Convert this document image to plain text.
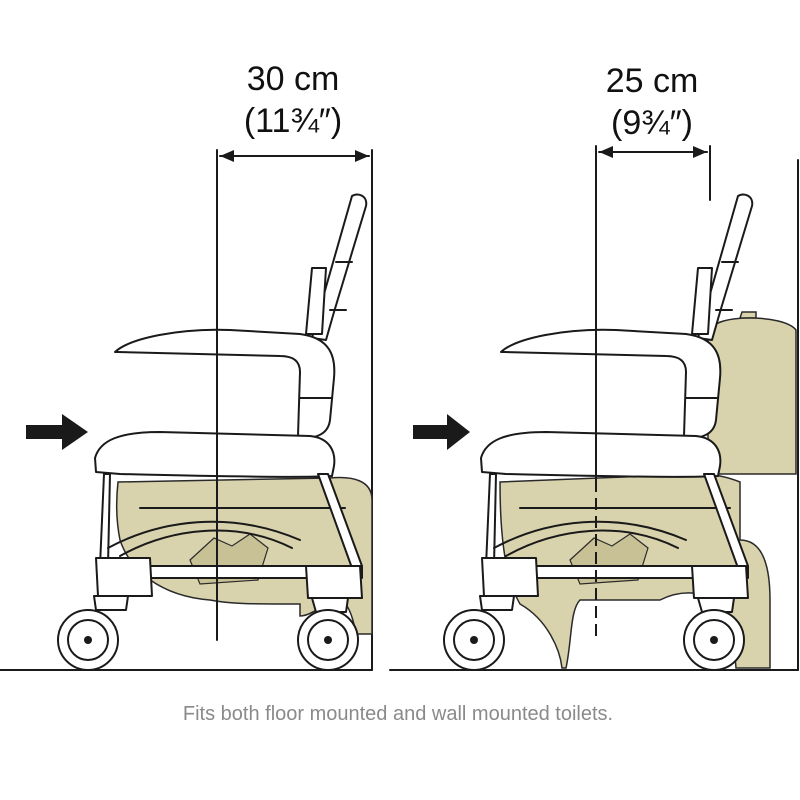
30 cm
(11¾″)
25 cm
(9¾″)
Fits both floor mounted and wall mounted toilets.
